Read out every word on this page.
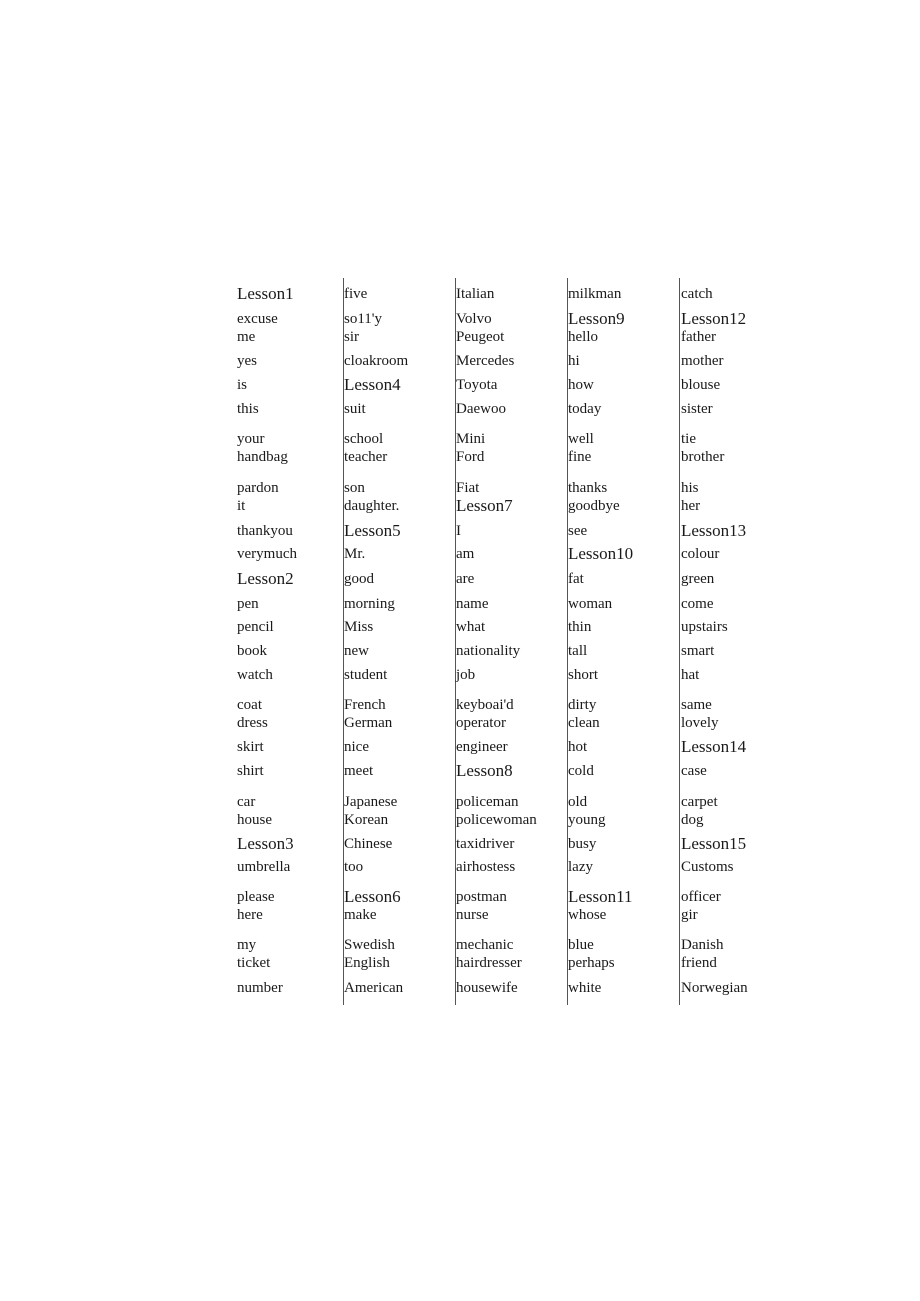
Lesson1
excuse
me
yes
is
this
your
handbag
pardon
it
thankyou
verymuch
Lesson2
pen
pencil
book
watch
coat
dress
skirt
shirt
car
house
Lesson3
umbrella
please
here
my
ticket
number
five
so11'y
sir
cloakroom
Lesson4
suit
school
teacher
son
daughter.
Lesson5
Mr.
good
morning
Miss
new
student
French
German
nice
meet
Japanese
Korean
Chinese
too
Lesson6
make
Swedish
English
American
Italian
Volvo
Peugeot
Mercedes
Toyota
Daewoo
Mini
Ford
Fiat
Lesson7
I
am
are
name
what
nationality
job
keyboai'd
operator
engineer
Lesson8
policeman
policewoman
taxidriver
airhostess
postman
nurse
mechanic
hairdresser
housewife
milkman
Lesson9
hello
hi
how
today
well
fine
thanks
goodbye
see
Lesson10
fat
woman
thin
tall
short
dirty
clean
hot
cold
old
young
busy
lazy
Lesson11
whose
blue
perhaps
white
catch
Lesson12
father
mother
blouse
sister
tie
brother
his
her
Lesson13
colour
green
come
upstairs
smart
hat
same
lovely
Lesson14
case
carpet
dog
Lesson15
Customs
officer
gir
Danish
friend
Norwegian
